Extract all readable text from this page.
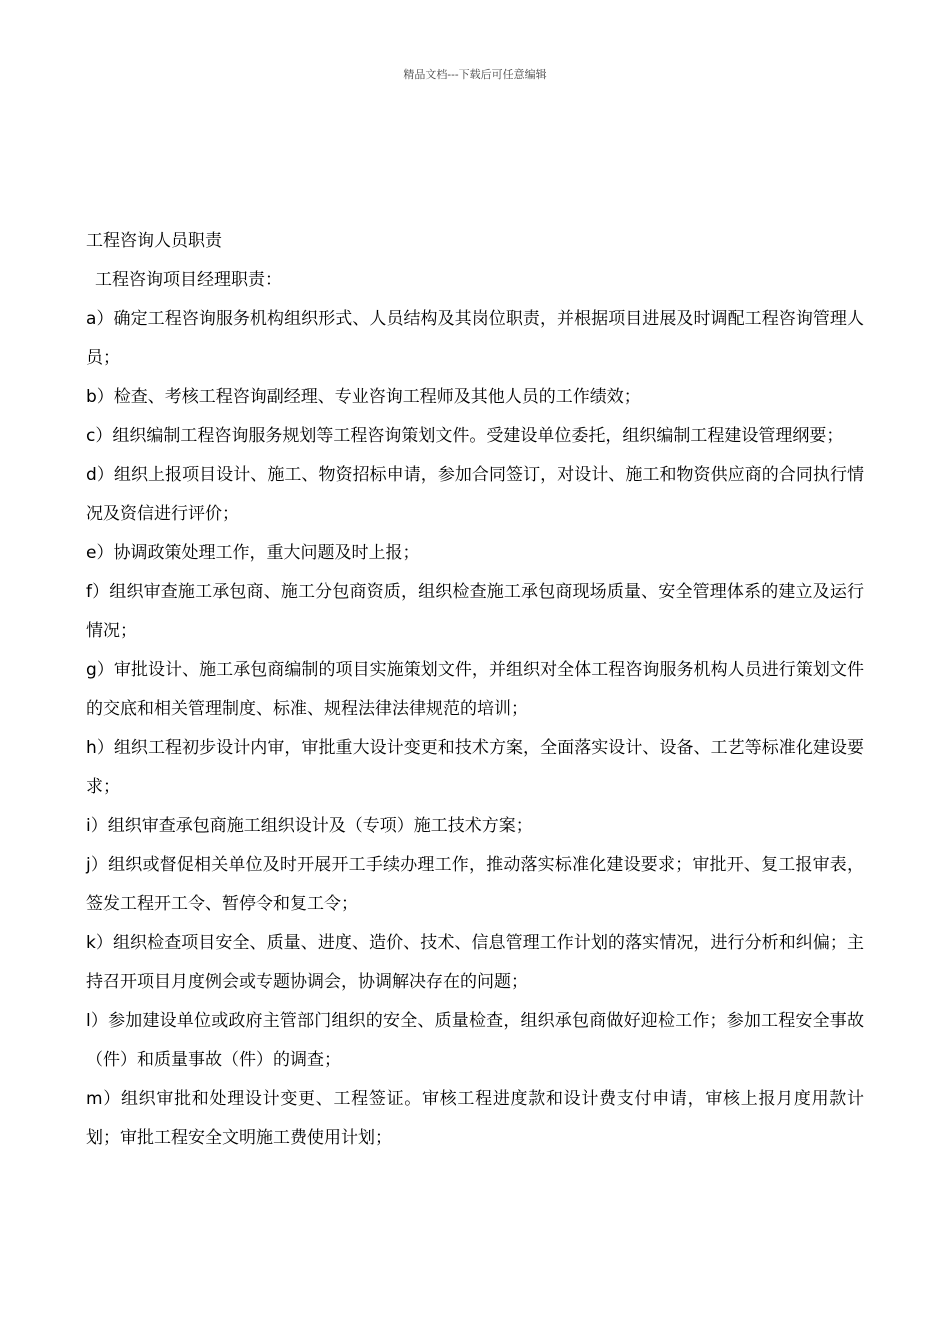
精品文档---下载后可任意编辑
工程咨询人员职责

工程咨询项目经理职责：

a）确定工程咨询服务机构组织形式、人员结构及其岗位职责，并根据项目进展及时调配工程咨询管理人员；
b）检查、考核工程咨询副经理、专业咨询工程师及其他人员的工作绩效；
c）组织编制工程咨询服务规划等工程咨询策划文件。受建设单位委托，组织编制工程建设管理纲要；
d）组织上报项目设计、施工、物资招标申请，参加合同签订，对设计、施工和物资供应商的合同执行情况及资信进行评价；
e）协调政策处理工作，重大问题及时上报；
f）组织审查施工承包商、施工分包商资质，组织检查施工承包商现场质量、安全管理体系的建立及运行情况；
g）审批设计、施工承包商编制的项目实施策划文件，并组织对全体工程咨询服务机构人员进行策划文件的交底和相关管理制度、标准、规程法律法律规范的培训；
h）组织工程初步设计内审，审批重大设计变更和技术方案，全面落实设计、设备、工艺等标准化建设要求；
i）组织审查承包商施工组织设计及（专项）施工技术方案；
j）组织或督促相关单位及时开展开工手续办理工作，推动落实标准化建设要求；审批开、复工报审表，签发工程开工令、暂停令和复工令；
k）组织检查项目安全、质量、进度、造价、技术、信息管理工作计划的落实情况，进行分析和纠偏；主持召开项目月度例会或专题协调会，协调解决存在的问题；
l）参加建设单位或政府主管部门组织的安全、质量检查，组织承包商做好迎检工作；参加工程安全事故（件）和质量事故（件）的调查；
m）组织审批和处理设计变更、工程签证。审核工程进度款和设计费支付申请，审核上报月度用款计划；审批工程安全文明施工费使用计划；
